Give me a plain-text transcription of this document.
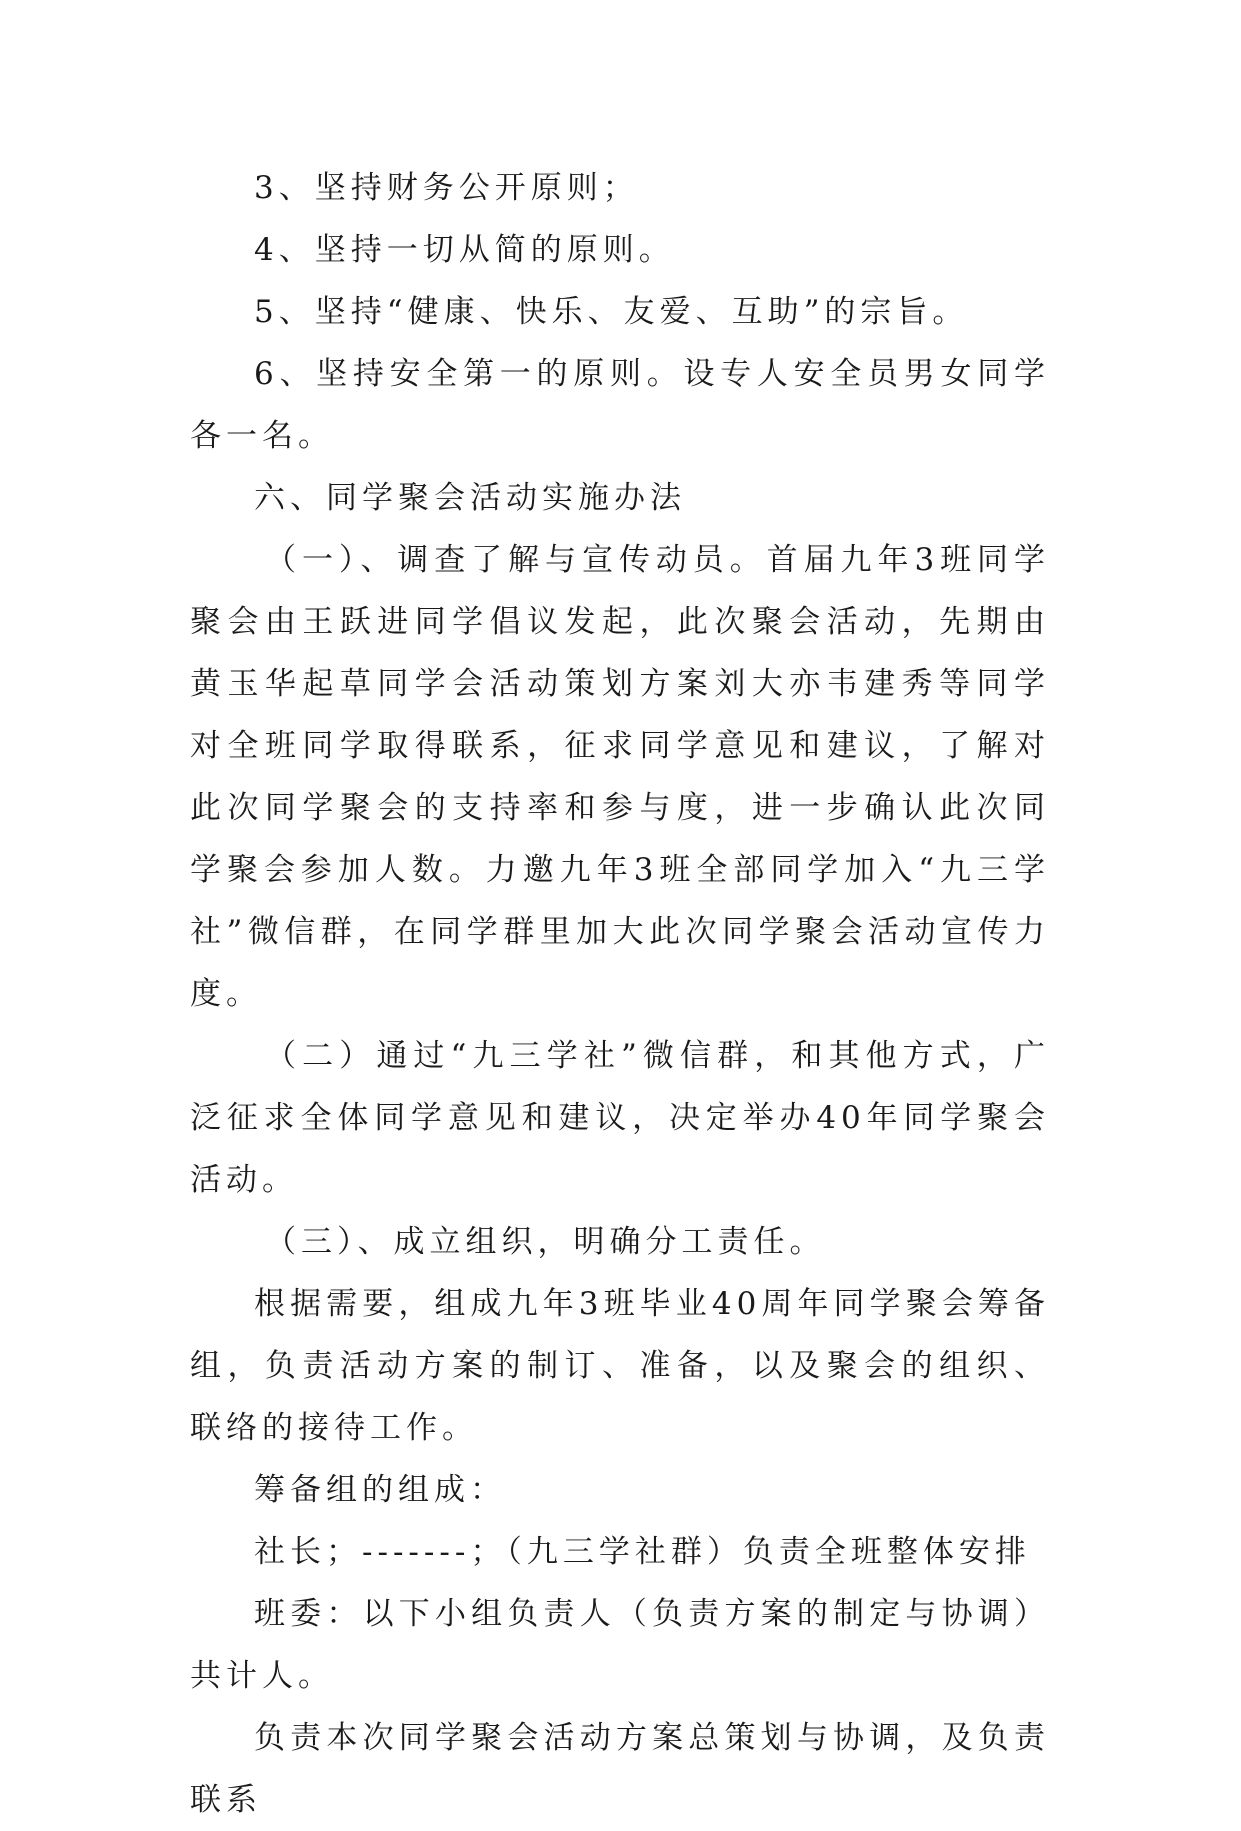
3、坚持财务公开原则；

4、坚持一切从简的原则。

5、坚持“健康、快乐、友爱、互助”的宗旨。

6、坚持安全第一的原则。设专人安全员男女同学各一名。

六、同学聚会活动实施办法

（一）、调查了解与宣传动员。首届九年3班同学聚会由王跃进同学倡议发起，此次聚会活动，先期由黄玉华起草同学会活动策划方案刘大亦韦建秀等同学对全班同学取得联系，征求同学意见和建议，了解对此次同学聚会的支持率和参与度，进一步确认此次同学聚会参加人数。力邀九年3班全部同学加入“九三学社”微信群，在同学群里加大此次同学聚会活动宣传力度。

（二）通过“九三学社”微信群，和其他方式，广泛征求全体同学意见和建议，决定举办40年同学聚会活动。

（三）、成立组织，明确分工责任。

根据需要，组成九年3班毕业40周年同学聚会筹备组，负责活动方案的制订、准备，以及聚会的组织、联络的接待工作。

筹备组的组成：

社长；-------；（九三学社群）负责全班整体安排

班委：以下小组负责人（负责方案的制定与协调）共计人。

负责本次同学聚会活动方案总策划与协调，及负责联系
